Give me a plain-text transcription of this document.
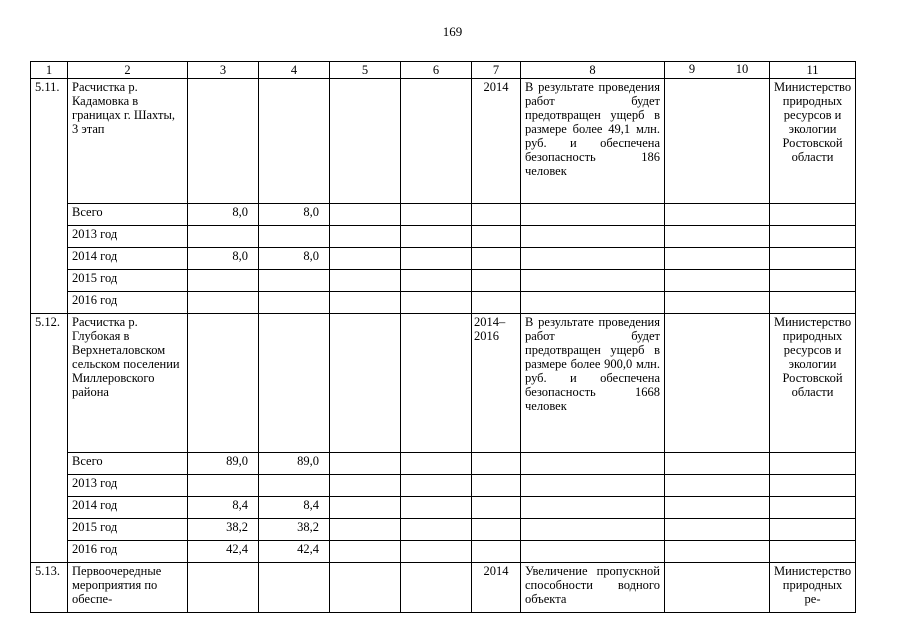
169
1	2	3	4	5	6	7	8	9 10	11
5.11.	Расчистка р. Кадамовка в границах г. Шахты, 3 этап					2014	В результате проведения работ будет предотвращен ущерб в размере более 49,1 млн. руб. и обеспечена безопасность 186 человек		Министерство природных ресурсов и экологии Ростовской области
	Всего	8,0	8,0						
	2013 год								
	2014 год	8,0	8,0						
	2015 год								
	2016 год								
5.12.	Расчистка р. Глубокая в Верхнеталовском сельском поселении Миллеровского района					2014–2016	В результате проведения работ будет предотвращен ущерб в размере более 900,0 млн. руб. и обеспечена безопасность 1668 человек		Министерство природных ресурсов и экологии Ростовской области
	Всего	89,0	89,0						
	2013 год								
	2014 год	8,4	8,4						
	2015 год	38,2	38,2						
	2016 год	42,4	42,4						
5.13.	Первоочередные мероприятия по обеспе-					2014	Увеличение пропускной способности водного объекта		Министерство природных ре-
